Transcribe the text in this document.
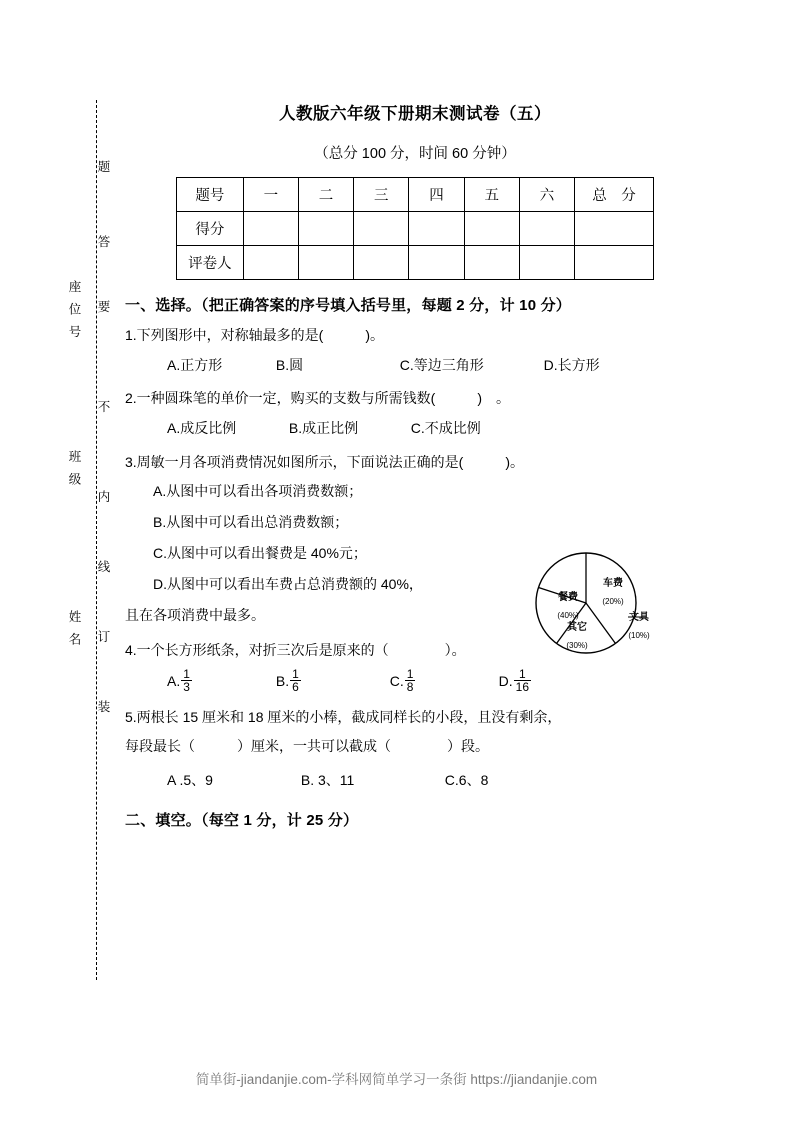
题
答
要
不
内
线
订
装
座位号
班级
姓名
人教版六年级下册期末测试卷（五）
（总分 100 分，时间 60 分钟）
题号	一	二	三	四	五	六	总　分
得分							
评卷人							
一、选择。（把正确答案的序号填入括号里，每题 2 分，计 10 分）
1.下列图形中，对称轴最多的是(　　　)。
A.正方形	B.圆	C.等边三角形	D.长方形
2.一种圆珠笔的单价一定，购买的支数与所需钱数(　　　)　。
A.成反比例	B.成正比例	C.不成比例
3.周敏一月各项消费情况如图所示，下面说法正确的是(　　　)。
A.从图中可以看出各项消费数额；
B.从图中可以看出总消费数额；
C.从图中可以看出餐费是 40%元；
D.从图中可以看出车费占总消费额的 40%，
且在各项消费中最多。
4.一个长方形纸条，对折三次后是原来的（　　　　）。
A. $\frac{1}{3}$	B. $\frac{1}{6}$	C. $\frac{1}{8}$	D. $\frac{1}{16}$
5.两根长 15 厘米和 18 厘米的小棒，截成同样长的小段，且没有剩余，
每段最长（　　　）厘米，一共可以截成（　　　　）段。
A .5、9	B. 3、11	C.6、8
二、填空。（每空 1 分，计 25 分）
餐费
(40%)
车费
(20%)
文具
(10%)
其它
(30%)
简单街-jiandanjie.com-学科网简单学习一条街 https://jiandanjie.com
